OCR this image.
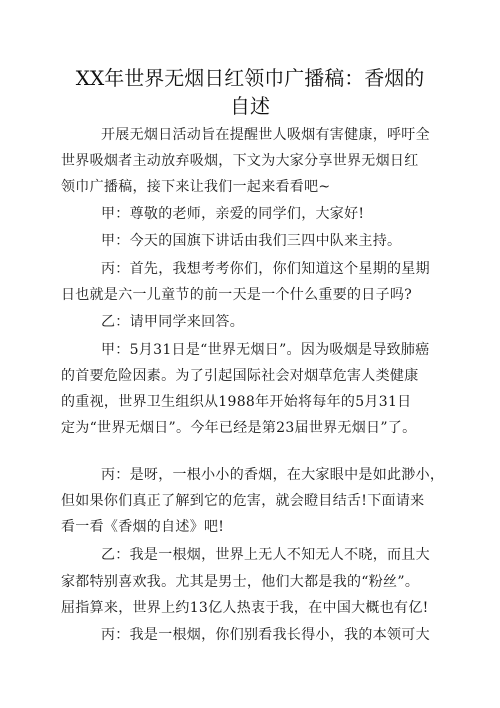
XX年世界无烟日红领巾广播稿：香烟的
自述
开展无烟日活动旨在提醒世人吸烟有害健康，呼吁全
世界吸烟者主动放弃吸烟，下文为大家分享世界无烟日红
领巾广播稿，接下来让我们一起来看看吧~
甲：尊敬的老师，亲爱的同学们，大家好!
甲：今天的国旗下讲话由我们三四中队来主持。
丙：首先，我想考考你们，你们知道这个星期的星期
日也就是六一儿童节的前一天是一个什么重要的日子吗?
乙：请甲同学来回答。
甲：5月31日是“世界无烟日”。因为吸烟是导致肺癌
的首要危险因素。为了引起国际社会对烟草危害人类健康
的重视，世界卫生组织从1988年开始将每年的5月31日
定为“世界无烟日”。今年已经是第23届世界无烟日”了。
丙：是呀，一根小小的香烟，在大家眼中是如此渺小，
但如果你们真正了解到它的危害，就会瞪目结舌!下面请来
看一看《香烟的自述》吧!
乙：我是一根烟，世界上无人不知无人不晓，而且大
家都特别喜欢我。尤其是男士，他们大都是我的“粉丝”。
屈指算来，世界上约13亿人热衷于我，在中国大概也有亿!
丙：我是一根烟，你们别看我长得小，我的本领可大
